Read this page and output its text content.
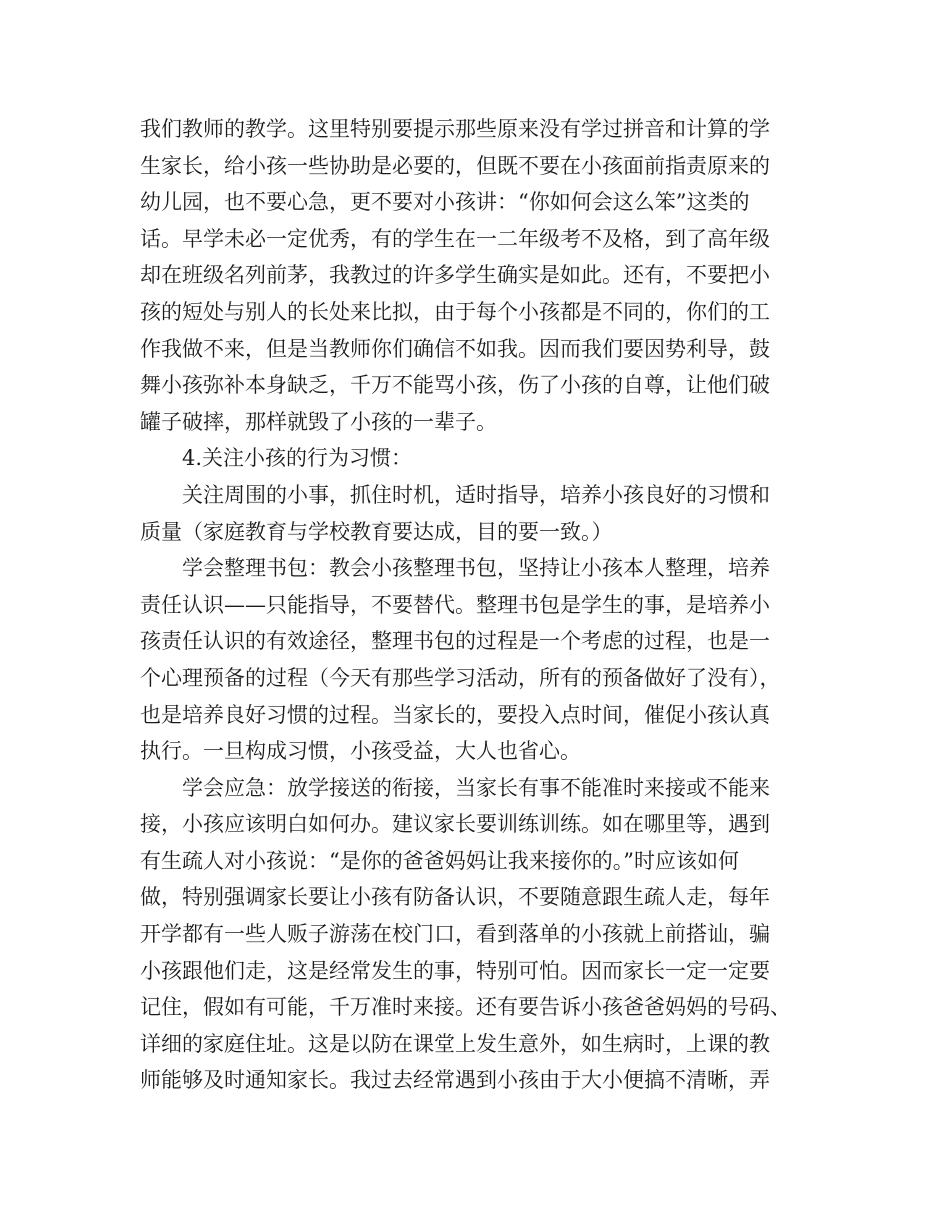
我们教师的教学。这里特别要提示那些原来没有学过拼音和计算的学
生家长，给小孩一些协助是必要的，但既不要在小孩面前指责原来的
幼儿园，也不要心急，更不要对小孩讲：“你如何会这么笨”这类的
话。早学未必一定优秀，有的学生在一二年级考不及格，到了高年级
却在班级名列前茅，我教过的许多学生确实是如此。还有，不要把小
孩的短处与别人的长处来比拟，由于每个小孩都是不同的，你们的工
作我做不来，但是当教师你们确信不如我。因而我们要因势利导，鼓
舞小孩弥补本身缺乏，千万不能骂小孩，伤了小孩的自尊，让他们破
罐子破摔，那样就毁了小孩的一辈子。
4.关注小孩的行为习惯：
关注周围的小事，抓住时机，适时指导，培养小孩良好的习惯和
质量（家庭教育与学校教育要达成，目的要一致。）
学会整理书包：教会小孩整理书包，坚持让小孩本人整理，培养
责任认识——只能指导，不要替代。整理书包是学生的事，是培养小
孩责任认识的有效途径，整理书包的过程是一个考虑的过程，也是一
个心理预备的过程（今天有那些学习活动，所有的预备做好了没有），
也是培养良好习惯的过程。当家长的，要投入点时间，催促小孩认真
执行。一旦构成习惯，小孩受益，大人也省心。
学会应急：放学接送的衔接，当家长有事不能准时来接或不能来
接，小孩应该明白如何办。建议家长要训练训练。如在哪里等，遇到
有生疏人对小孩说：“是你的爸爸妈妈让我来接你的。”时应该如何
做，特别强调家长要让小孩有防备认识，不要随意跟生疏人走，每年
开学都有一些人贩子游荡在校门口，看到落单的小孩就上前搭讪，骗
小孩跟他们走，这是经常发生的事，特别可怕。因而家长一定一定要
记住，假如有可能，千万准时来接。还有要告诉小孩爸爸妈妈的号码、
详细的家庭住址。这是以防在课堂上发生意外，如生病时，上课的教
师能够及时通知家长。我过去经常遇到小孩由于大小便搞不清晰，弄
